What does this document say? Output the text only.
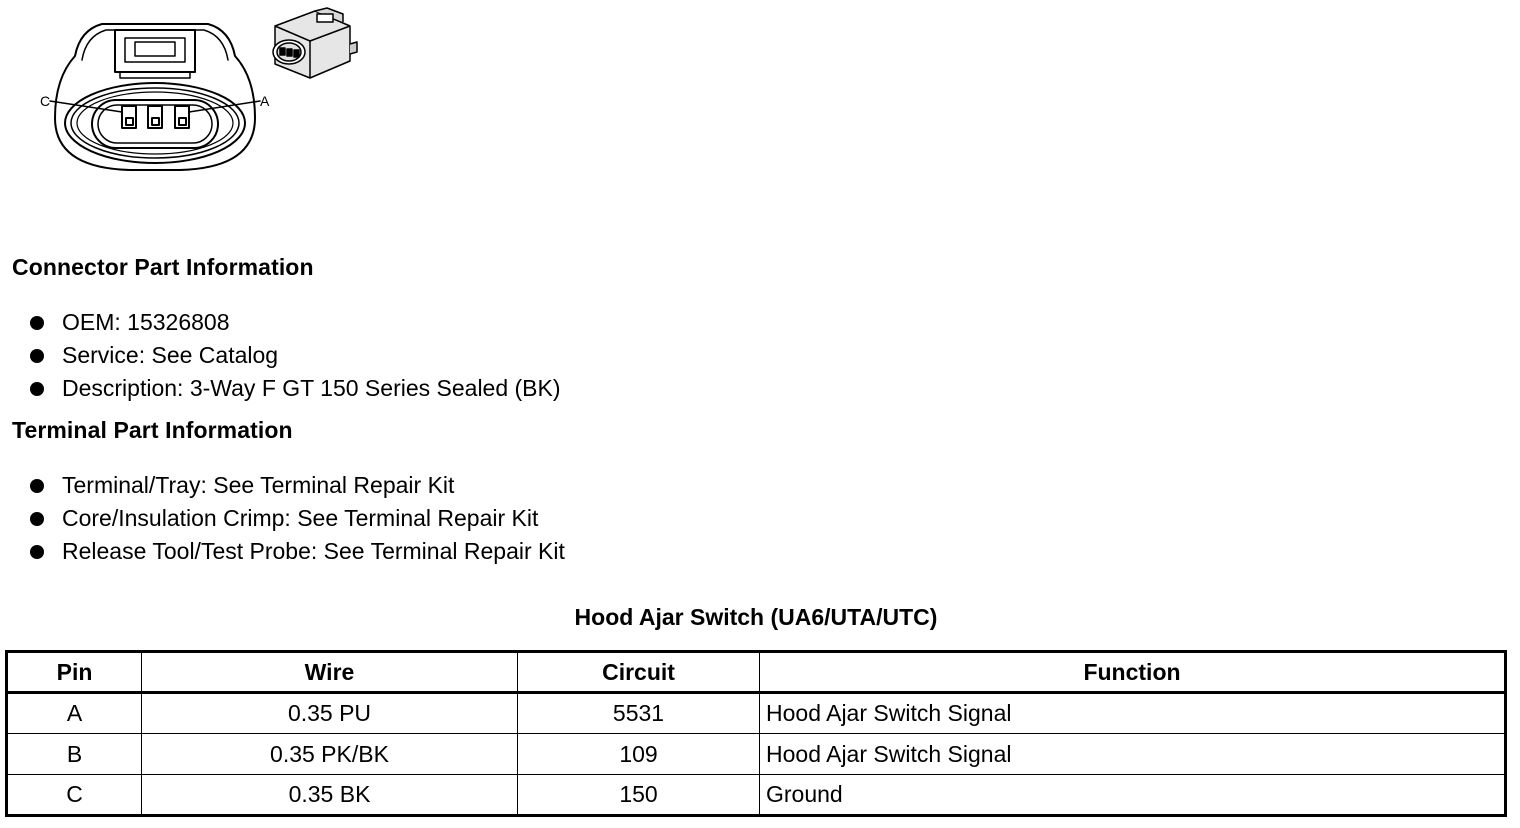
C	A
Connector Part Information
OEM: 15326808
Service: See Catalog
Description: 3-Way F GT 150 Series Sealed (BK)
Terminal Part Information
Terminal/Tray: See Terminal Repair Kit
Core/Insulation Crimp: See Terminal Repair Kit
Release Tool/Test Probe: See Terminal Repair Kit
Hood Ajar Switch (UA6/UTA/UTC)
Pin	Wire	Circuit	Function
A	0.35 PU	5531	Hood Ajar Switch Signal
B	0.35 PK/BK	109	Hood Ajar Switch Signal
C	0.35 BK	150	Ground
